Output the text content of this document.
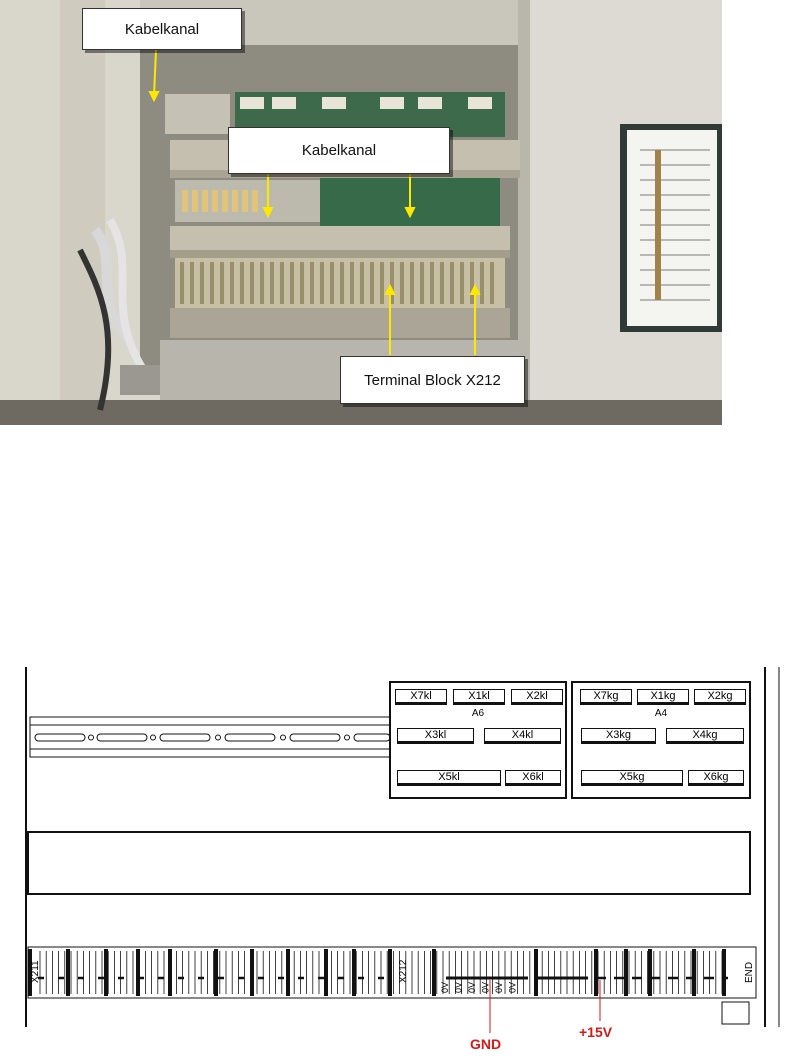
Kabelkanal
Kabelkanal
Terminal Block X212
X7kl	X1kl	X2kl
A6
X3kl	X4kl
X5kl	X6kl
X7kg	X1kg	X2kg
A4
X3kg	X4kg
X5kg	X6kg
X211	X212	END
0V 0V 0V 0V 0V 0V
GND
+15V
